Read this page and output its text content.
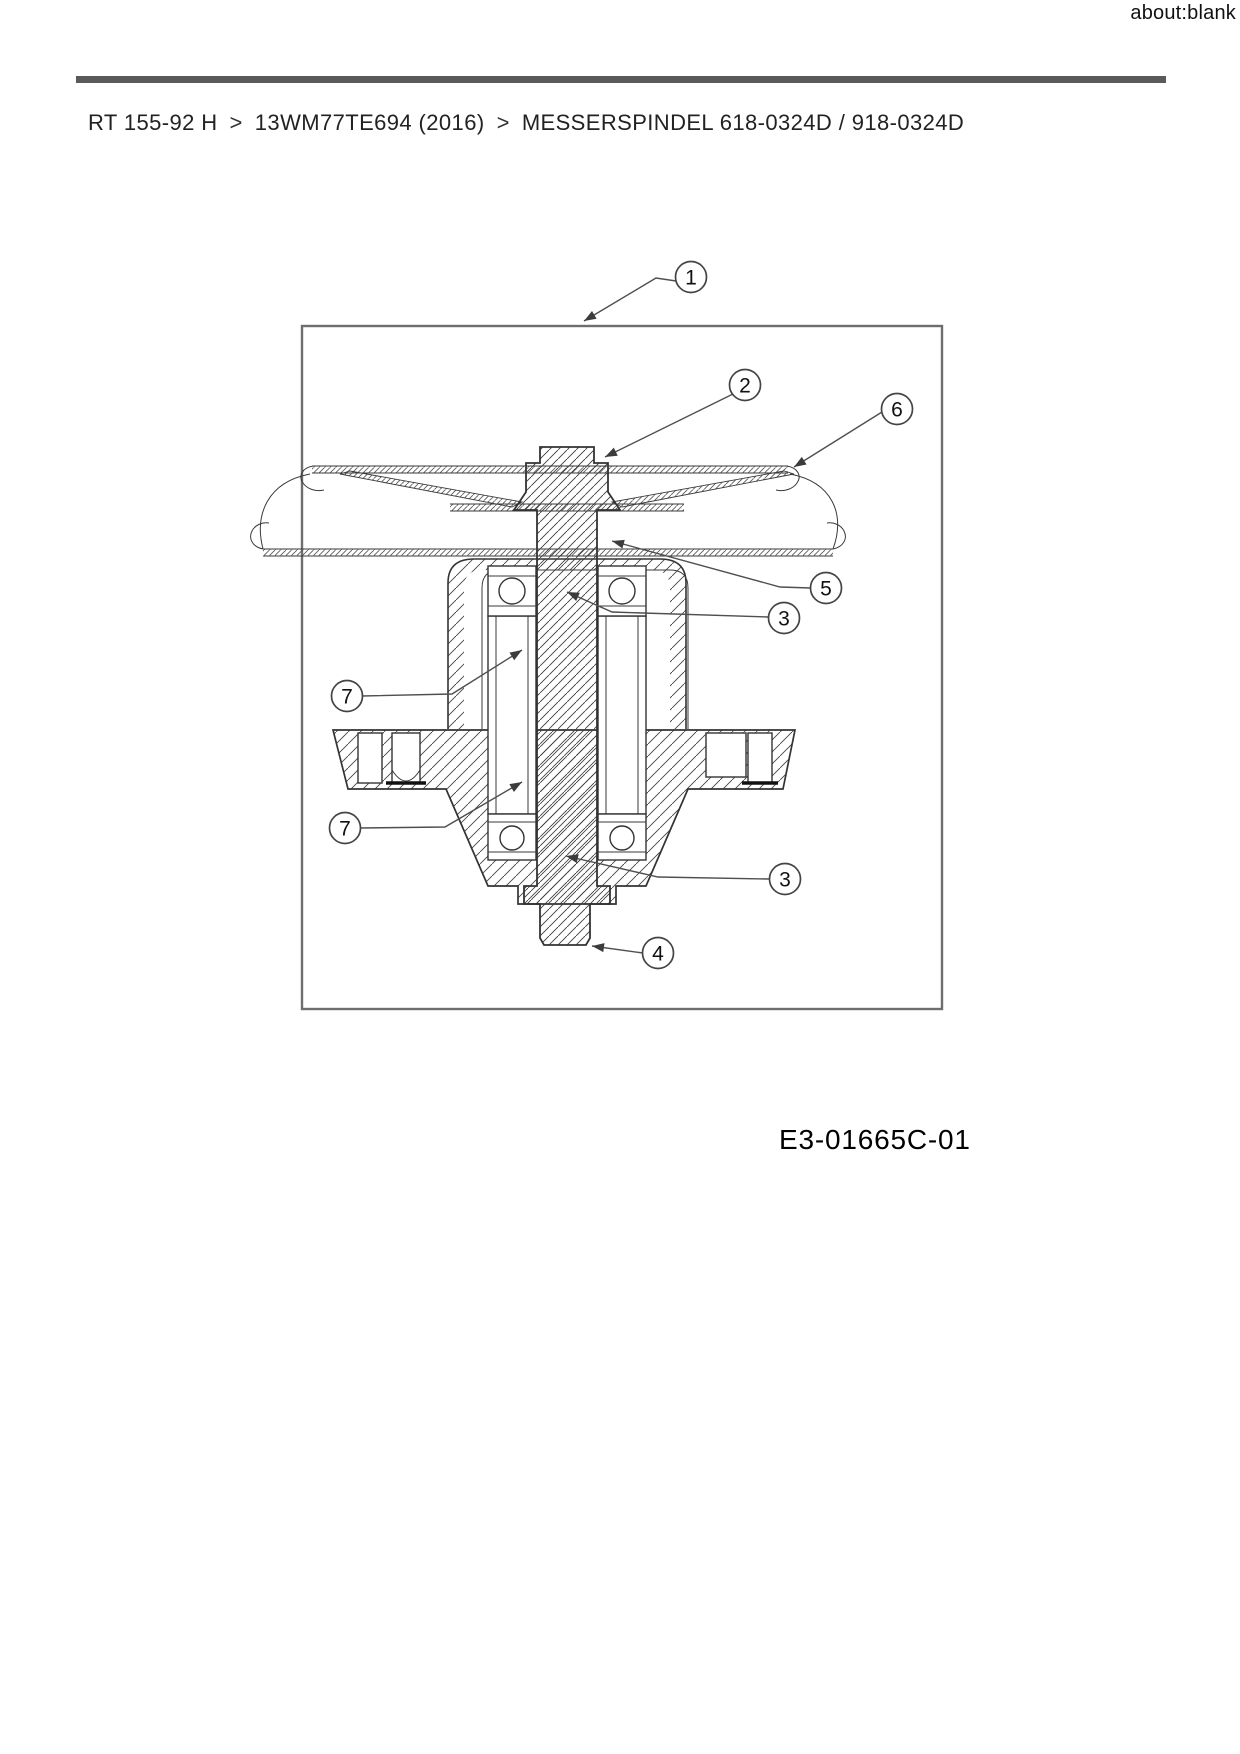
about:blank
RT 155-92 H > 13WM77TE694 (2016) > MESSERSPINDEL 618-0324D / 918-0324D
1
2
6
5
3
7
7
3
4
E3-01665C-01
